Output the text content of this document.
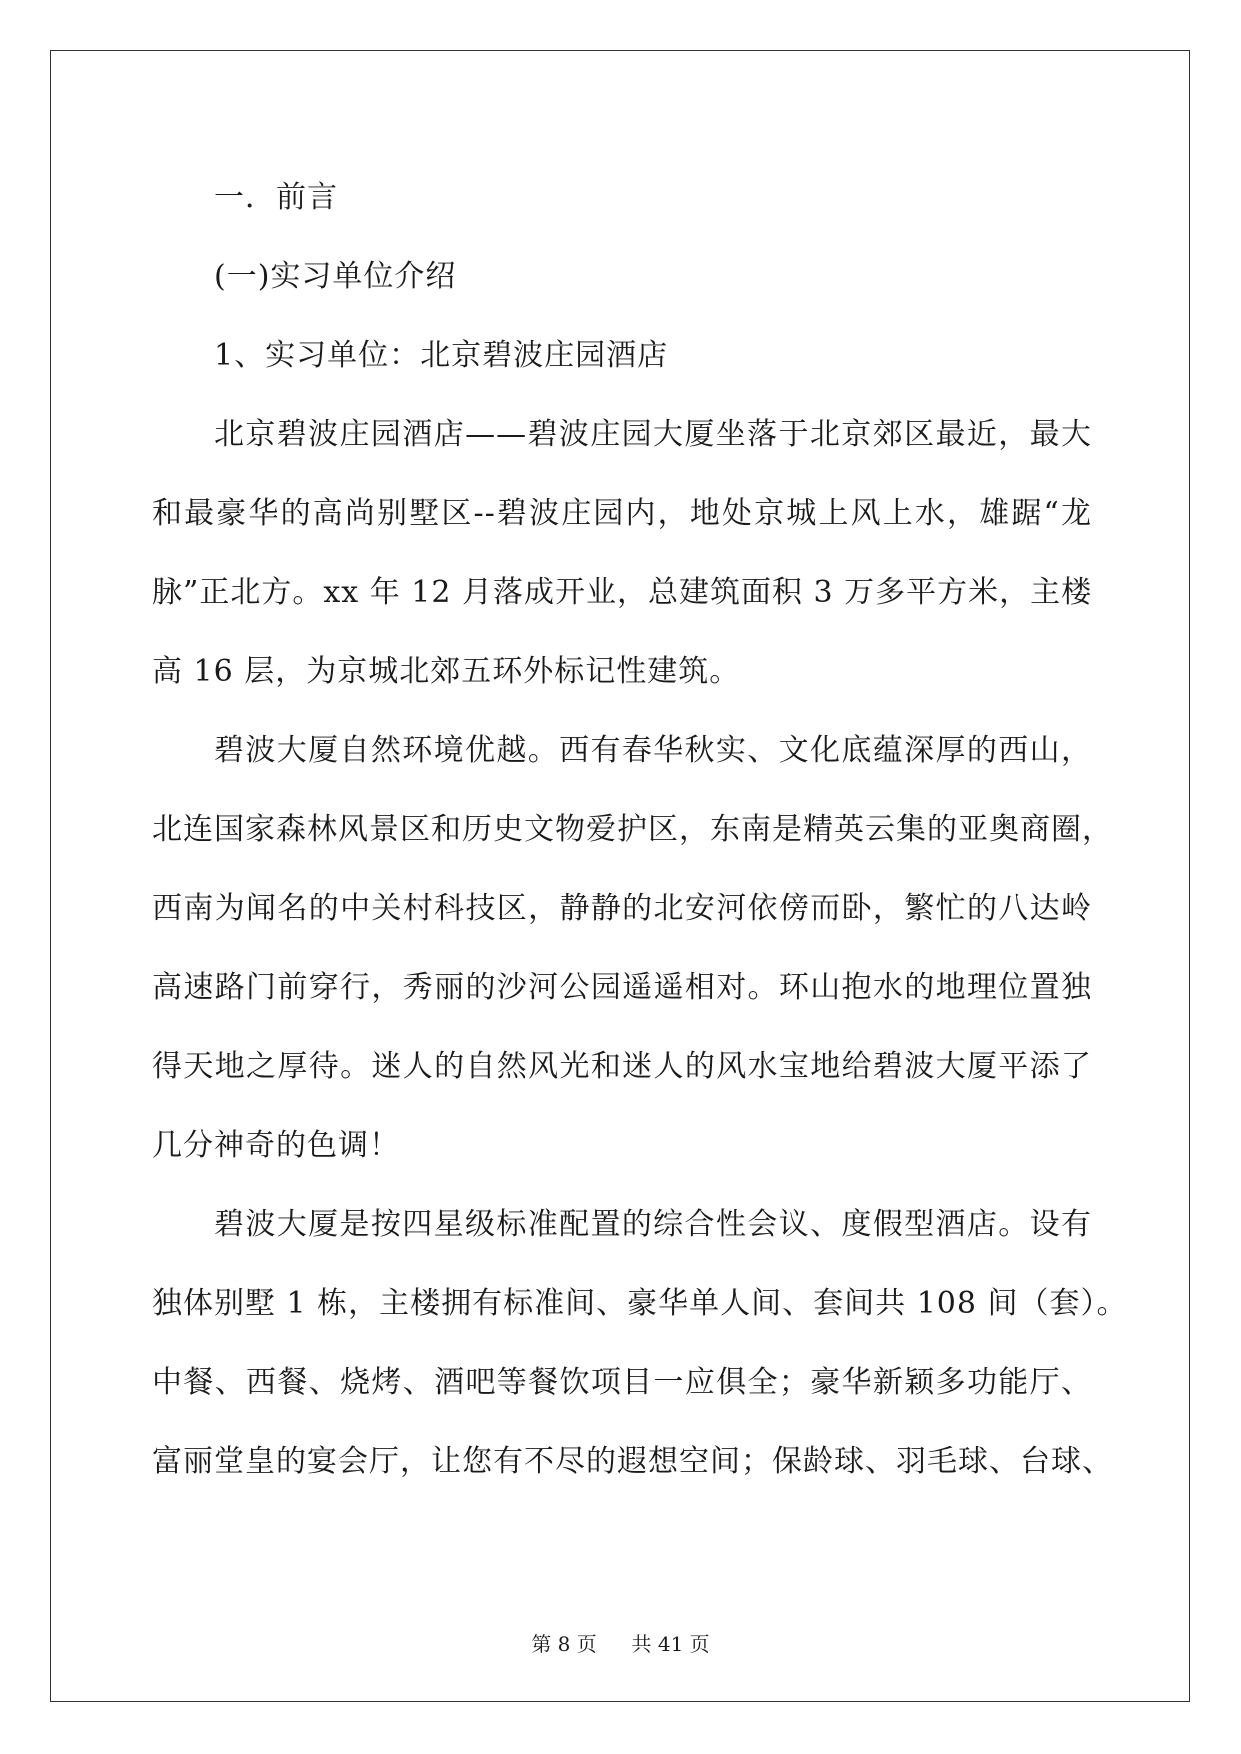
一．前言
(一)实习单位介绍
1、实习单位：北京碧波庄园酒店
北京碧波庄园酒店——碧波庄园大厦坐落于北京郊区最近，最大
和最豪华的高尚别墅区--碧波庄园内，地处京城上风上水，雄踞“龙
脉”正北方。xx 年 12 月落成开业，总建筑面积 3 万多平方米，主楼
高 16 层，为京城北郊五环外标记性建筑。
碧波大厦自然环境优越。西有春华秋实、文化底蕴深厚的西山，
北连国家森林风景区和历史文物爱护区，东南是精英云集的亚奥商圈，
西南为闻名的中关村科技区，静静的北安河依傍而卧，繁忙的八达岭
高速路门前穿行，秀丽的沙河公园遥遥相对。环山抱水的地理位置独
得天地之厚待。迷人的自然风光和迷人的风水宝地给碧波大厦平添了
几分神奇的色调！
碧波大厦是按四星级标准配置的综合性会议、度假型酒店。设有
独体别墅 1 栋，主楼拥有标准间、豪华单人间、套间共 108 间（套）。
中餐、西餐、烧烤、酒吧等餐饮项目一应俱全；豪华新颖多功能厅、
富丽堂皇的宴会厅，让您有不尽的遐想空间；保龄球、羽毛球、台球、
第 8 页 共 41 页
